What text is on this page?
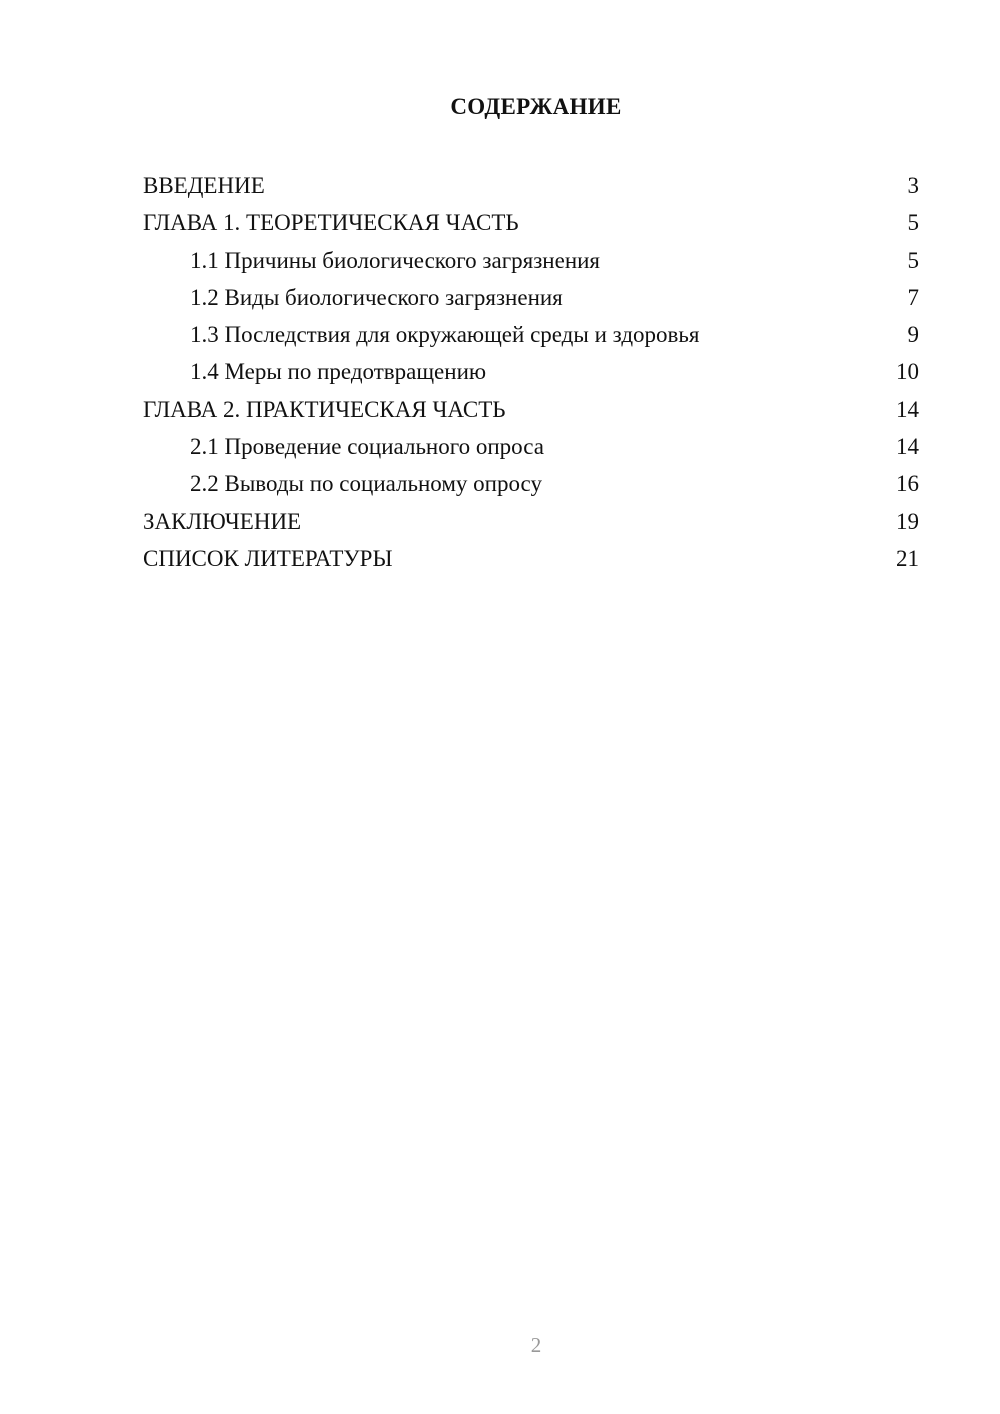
СОДЕРЖАНИЕ
ВВЕДЕНИЕ	3
ГЛАВА 1. ТЕОРЕТИЧЕСКАЯ ЧАСТЬ	5
1.1 Причины биологического загрязнения	5
1.2 Виды биологического загрязнения	7
1.3 Последствия для окружающей среды и здоровья	9
1.4 Меры по предотвращению	10
ГЛАВА 2. ПРАКТИЧЕСКАЯ ЧАСТЬ	14
2.1 Проведение социального опроса	14
2.2 Выводы по социальному опросу	16
ЗАКЛЮЧЕНИЕ	19
СПИСОК ЛИТЕРАТУРЫ	21
2
